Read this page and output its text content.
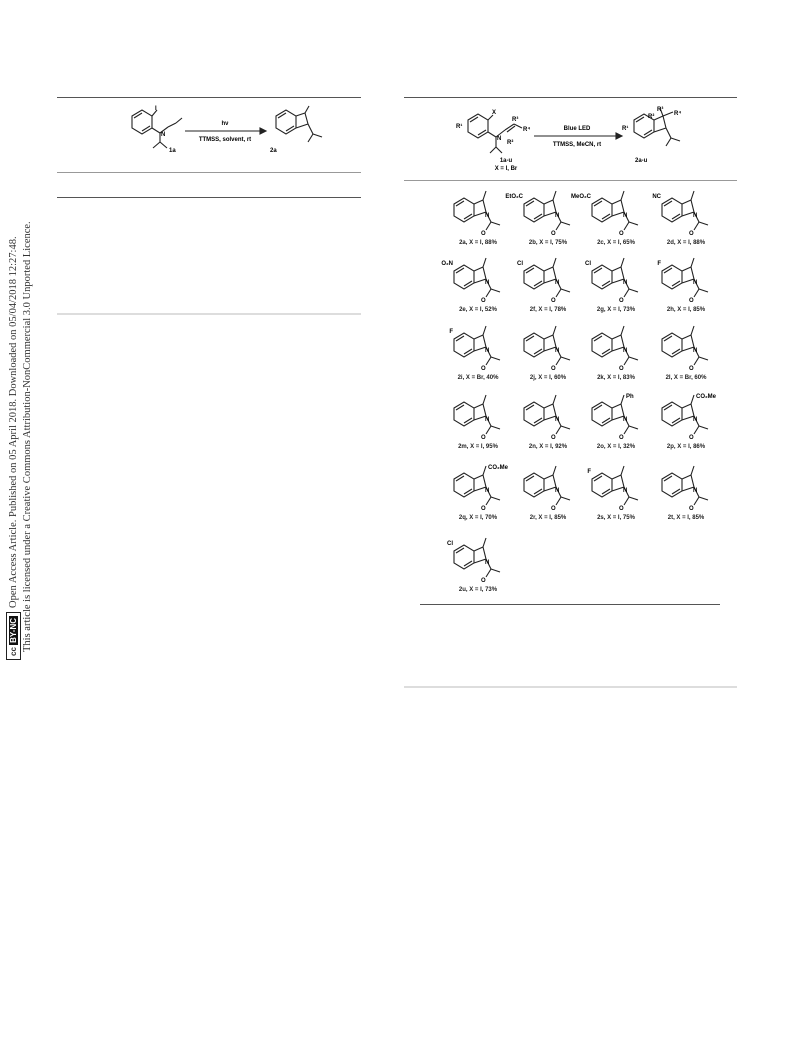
cc BY-NCOpen Access Article. Published on 05 April 2018. Downloaded on 05/04/2018 12:27:48. This article is licensed under a Creative Commons Attribution-NonCommercial 3.0 Unported Licence.
I
N
1a
hν
TTMSS, solvent, rt
2a
X
R¹
R³
R⁴
R²
N
1a-u
X = I, Br
Blue LED
TTMSS, MeCN, rt
R¹
R³
R²	R⁴
2a-u
N
O
2a, X = I, 88%
N
O
EtO₂C
2b, X = I, 75%
N
O
MeO₂C
2c, X = I, 65%
N
O
NC
2d, X = I, 88%
N
O
O₂N
2e, X = I, 52%
N
O
Cl
2f, X = I, 78%
N
O
Cl
2g, X = I, 73%
N
O
F
2h, X = I, 85%
N
O
F
2i, X = Br, 40%
N
O
2j, X = I, 60%
N
O
2k, X = I, 83%
N
O
2l, X = Br, 60%
N
O
2m, X = I, 95%
N
O
2n, X = I, 92%
N
O
Ph
2o, X = I, 32%
N
O
CO₂Me
2p, X = I, 86%
N
O
CO₂Me
2q, X = I, 70%
N
O
2r, X = I, 85%
N
O
F
2s, X = I, 75%
N
O
2t, X = I, 85%
N
O
Cl
2u, X = I, 73%
